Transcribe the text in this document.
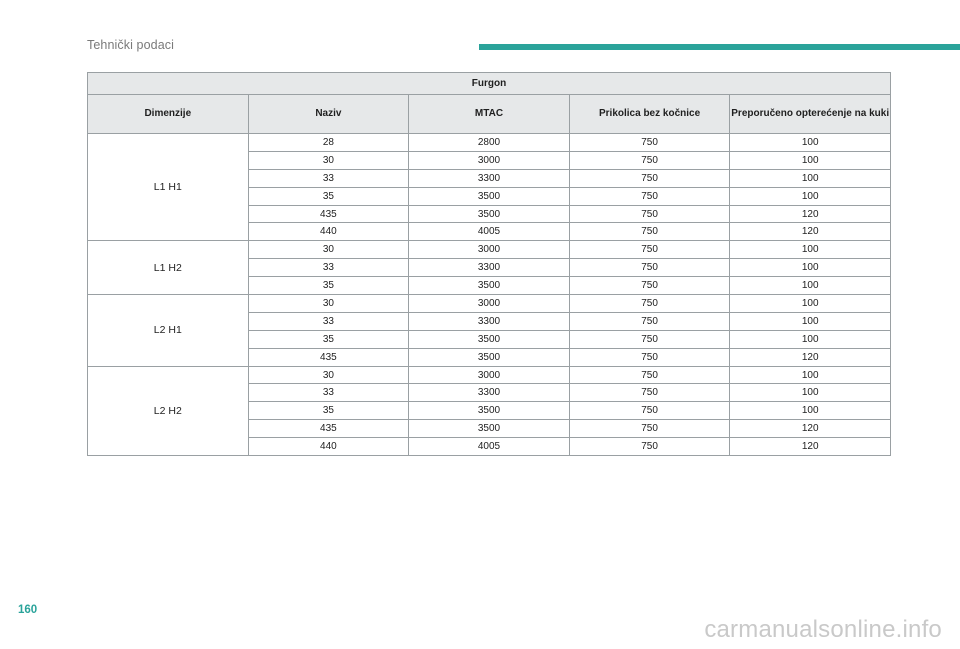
Tehnički podaci
Furgon				
Dimenzije	Naziv	MTAC	Prikolica bez kočnice	Preporučeno opterećenje na kuki
L1 H1	28	2800	750	100
	30	3000	750	100
	33	3300	750	100
	35	3500	750	100
	435	3500	750	120
	440	4005	750	120
L1 H2	30	3000	750	100
	33	3300	750	100
	35	3500	750	100
L2 H1	30	3000	750	100
	33	3300	750	100
	35	3500	750	100
	435	3500	750	120
L2 H2	30	3000	750	100
	33	3300	750	100
	35	3500	750	100
	435	3500	750	120
	440	4005	750	120
160
carmanualsonline.info
